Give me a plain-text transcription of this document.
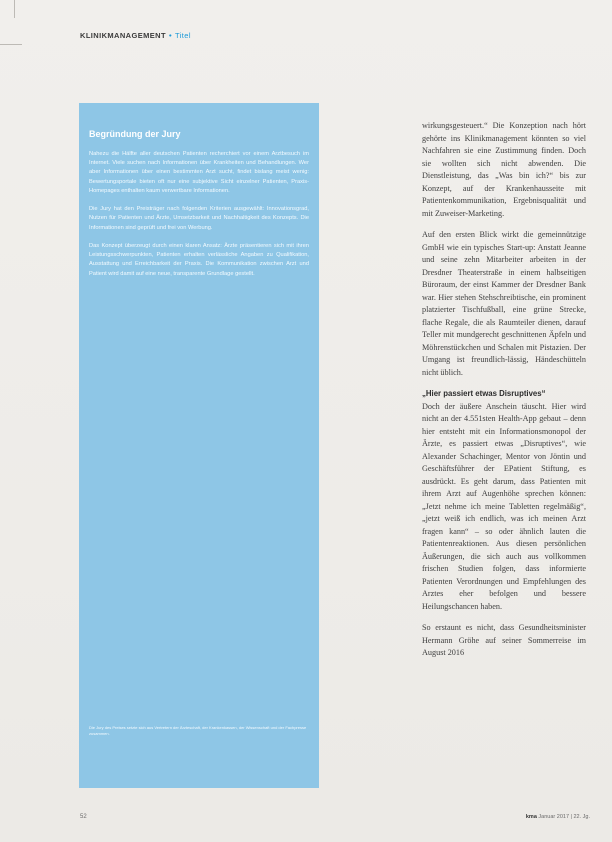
KLINIKMANAGEMENT • Titel
Begründung der Jury

Nahezu die Hälfte aller deutschen Patienten recherchiert vor einem Arztbesuch im Internet. Viele suchen nach Informationen über Krankheiten und Behandlungen. Wer aber Informationen über einen bestimmten Arzt sucht, findet bislang meist wenig: Bewertungsportale bieten oft nur eine subjektive Sicht einzelner Patienten, Praxis-Homepages enthalten kaum verwertbare Informationen.

Die Jury hat den Preisträger nach folgenden Kriterien ausgewählt: Innovationsgrad, Nutzen für Patienten und Ärzte, Umsetzbarkeit und Nachhaltigkeit des Konzepts. Die Informationen sind geprüft und frei von Werbung.

Das Konzept überzeugt durch einen klaren Ansatz: Ärzte präsentieren sich mit ihren Leistungsschwerpunkten, Patienten erhalten verlässliche Angaben zu Qualifikation, Ausstattung und Erreichbarkeit der Praxis. Die Kommunikation zwischen Arzt und Patient wird damit auf eine neue, transparente Grundlage gestellt.

Die Jury des Preises setzte sich aus Vertretern der Ärzteschaft, der Krankenkassen, der Wissenschaft und der Fachpresse zusammen.

wirkungsgesteuert.“ Die Konzeption nach hört gehörte ins Klinikmanagement könnten so viel Nachfahren sie eine Zustimmung finden. Doch sie wollten sich nicht abwenden. Die Dienstleistung, das „Was bin ich?“ bis zur Konzept, auf der Krankenhausseite mit Patientenkommunikation, Ergebnisqualität und mit Zuweiser-Marketing.

Auf den ersten Blick wirkt die gemeinnützige GmbH wie ein typisches Start-up: Anstatt Jeanne und seine zehn Mitarbeiter arbeiten in der Dresdner Theaterstraße in einem halbseitigen Büroraum, der einst Kammer der Dresdner Bank war. Hier stehen Stehschreibtische, ein prominent platzierter Tischfußball, eine grüne Strecke, flache Regale, die als Raumteiler dienen, darauf Teller mit mundgerecht geschnittenen Äpfeln und Möhrenstückchen und Schalen mit Pistazien. Der Umgang ist freundlich-lässig, Händeschütteln nicht üblich.

„Hier passiert etwas Disruptives“

Doch der äußere Anschein täuscht. Hier wird nicht an der 4.551sten Health-App gebaut – denn hier entsteht mit ein Informationsmonopol der Ärzte, es passiert etwas „Disruptives“, wie Alexander Schachinger, Mentor von Jöntin und Geschäftsführer der EPatient Stiftung, es ausdrückt. Es geht darum, dass Patienten mit ihrem Arzt auf Augenhöhe sprechen können: „Jetzt nehme ich meine Tabletten regelmäßig“, „jetzt weiß ich endlich, was ich meinen Arzt fragen kann“ – so oder ähnlich lauten die Patientenreaktionen. Aus diesen persönlichen Äußerungen, die sich auch aus vollkommen frischen Studien folgen, dass informierte Patienten Verordnungen und Empfehlungen des Arztes eher befolgen und bessere Heilungschancen haben.

So erstaunt es nicht, dass Gesundheitsminister Hermann Gröhe auf seiner Sommerreise im August 2016

52	kma Januar 2017 | 22. Jg.
